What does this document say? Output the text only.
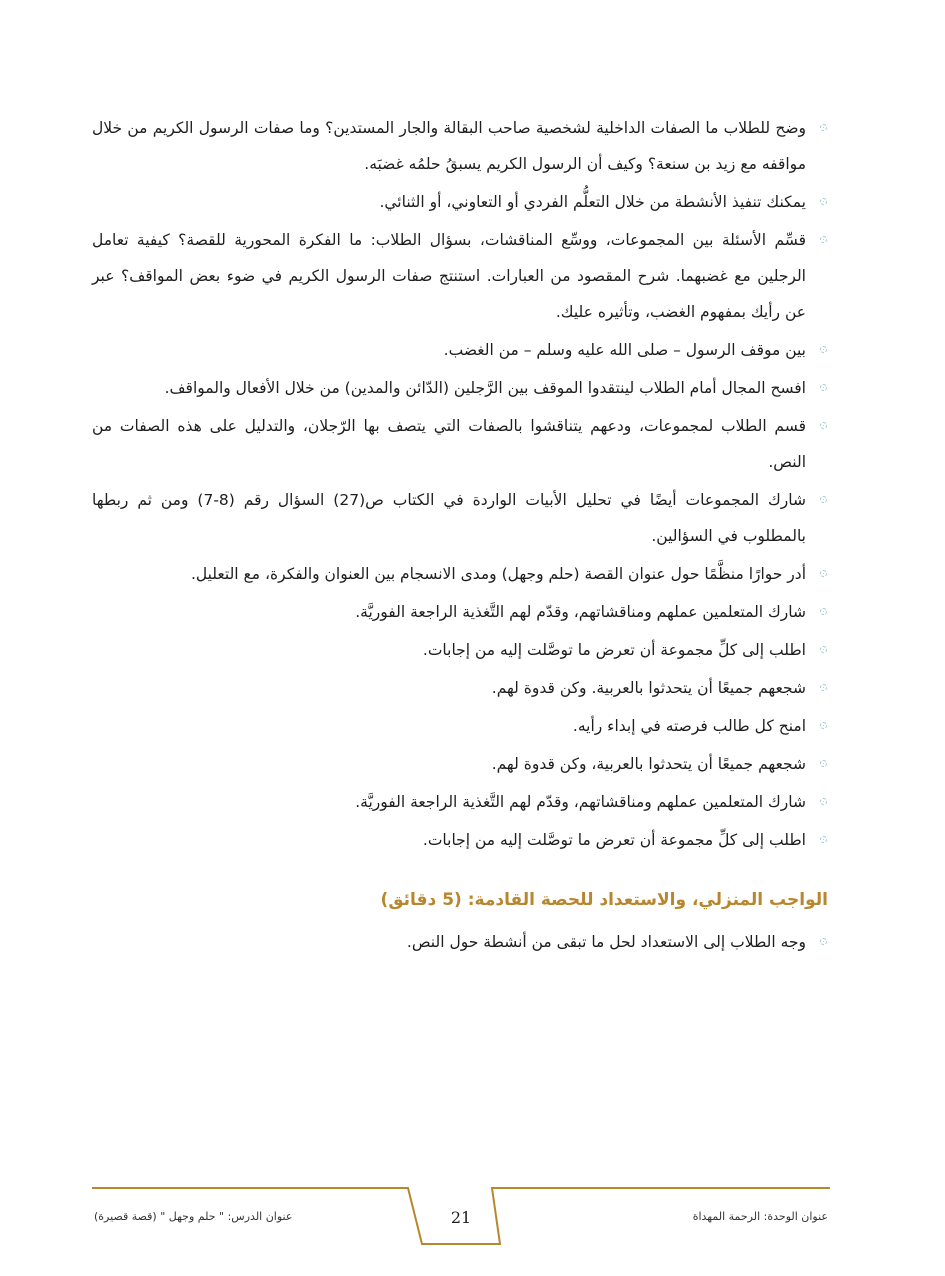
وضح للطلاب ما الصفات الداخلية لشخصية صاحب البقالة والجار المستدين؟ وما صفات الرسول الكريم من خلال مواقفه مع زيد بن سنعة؟ وكيف أن الرسول الكريم يسبقُ حلمُه غضبَه.
يمكنك تنفيذ الأنشطة من خلال التعلُّم الفردي أو التعاوني، أو الثنائي.
قسِّم الأسئلة بين المجموعات، ووسِّع المناقشات، بسؤال الطلاب: ما الفكرة المحورية للقصة؟ كيفية تعامل الرجلين مع غضبهما. شرح المقصود من العبارات. استنتج صفات الرسول الكريم في ضوء بعض المواقف؟ عبر عن رأيك بمفهوم الغضب، وتأثيره عليك.
بين موقف الرسول – صلى الله عليه وسلم – من الغضب.
افسح المجال أمام الطلاب لينتقدوا الموقف بين الرَّجلين (الدّائن والمدين) من خلال الأفعال والمواقف.
قسم الطلاب لمجموعات، ودعهم يتناقشوا بالصفات التي يتصف بها الرّجلان، والتدليل على هذه الصفات من النص.
شارك المجموعات أيضًا في تحليل الأبيات الواردة في الكتاب ص(27) السؤال رقم (8-7) ومن ثم ربطها بالمطلوب في السؤالين.
أدر حوارًا منظَّمًا حول عنوان القصة (حلم وجهل) ومدى الانسجام بين العنوان والفكرة، مع التعليل.
شارك المتعلمين عملهم ومناقشاتهم، وقدّم لهم التَّغذية الراجعة الفوريَّة.
اطلب إلى كلِّ مجموعة أن تعرض ما توصَّلت إليه من إجابات.
شجعهم جميعًا أن يتحدثوا بالعربية. وكن قدوة لهم.
امنح كل طالب فرصته في إبداء رأيه.
شجعهم جميعًا أن يتحدثوا بالعربية، وكن قدوة لهم.
شارك المتعلمين عملهم ومناقشاتهم، وقدّم لهم التَّغذية الراجعة الفوريَّة.
اطلب إلى كلِّ مجموعة أن تعرض ما توصَّلت إليه من إجابات.
الواجب المنزلي، والاستعداد للحصة القادمة: (5 دقائق)
وجه الطلاب إلى الاستعداد لحل ما تبقى من أنشطة حول النص.
عنوان الوحدة: الرحمة المهداة
21
عنوان الدرس: " حلم وجهل " (قصة قصيرة)
